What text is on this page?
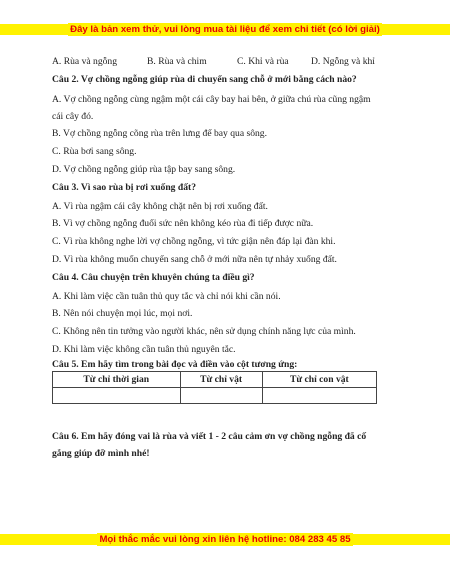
Đây là bản xem thử, vui lòng mua tài liệu để xem chi tiết (có lời giải)
A. Rùa và ngỗng	B. Rùa và chim	C. Khỉ và rùa D. Ngỗng và khỉ
Câu 2. Vợ chồng ngỗng giúp rùa di chuyển sang chỗ ở mới bằng cách nào?
A. Vợ chồng ngỗng cùng ngậm một cái cây bay hai bên, ở giữa chú rùa cũng ngậm
cái cây đó.
B. Vợ chồng ngỗng cõng rùa trên lưng để bay qua sông.
C. Rùa bơi sang sông.
D. Vợ chồng ngỗng giúp rùa tập bay sang sông.
Câu 3. Vì sao rùa bị rơi xuống đất?
A. Vì rùa ngậm cái cây không chặt nên bị rơi xuống đất.
B. Vì vợ chồng ngỗng đuối sức nên không kéo rùa đi tiếp được nữa.
C. Vì rùa không nghe lời vợ chồng ngỗng, vì tức giận nên đáp lại đàn khi.
D. Vì rùa không muốn chuyển sang chỗ ở mới nữa nên tự nhảy xuống đất.
Câu 4. Câu chuyện trên khuyên chúng ta điều gì?
A. Khi làm việc cần tuân thủ quy tắc và chỉ nói khi cần nói.
B. Nên nói chuyện mọi lúc, mọi nơi.
C. Không nên tin tưởng vào người khác, nên sử dụng chính năng lực của mình.
D. Khi làm việc không cần tuân thủ nguyên tắc.
Câu 5. Em hãy tìm trong bài đọc và điền vào cột tương ứng:
Từ chỉ thời gian	Từ chỉ vật	Từ chỉ con vật

Câu 6. Em hãy đóng vai là rùa và viết 1 - 2 câu cảm ơn vợ chồng ngỗng đã cố
gắng giúp đỡ mình nhé!
Mọi thắc mắc vui lòng xin liên hệ hotline: 084 283 45 85
